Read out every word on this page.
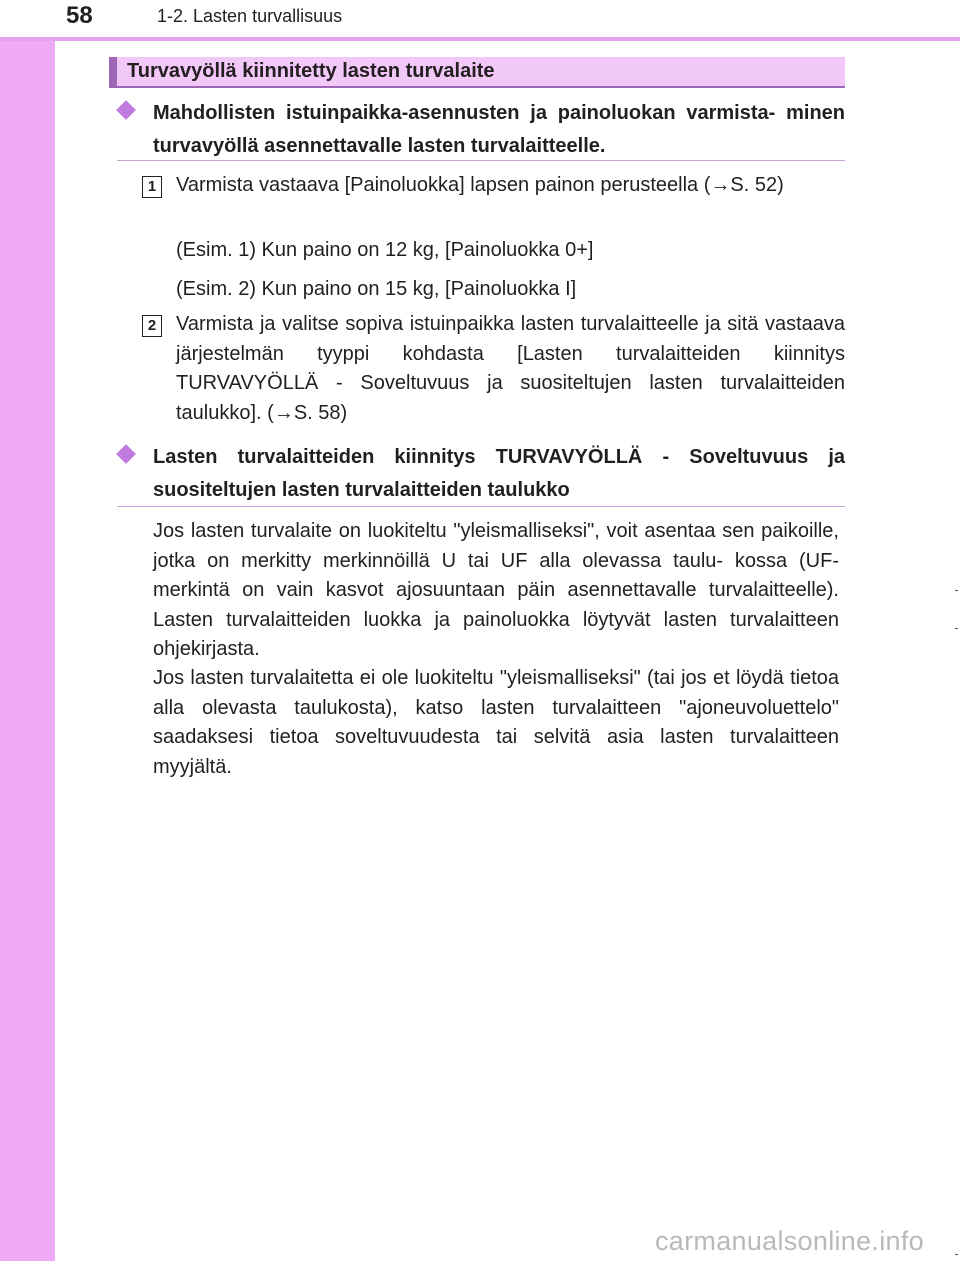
58	1-2. Lasten turvallisuus
Turvavyöllä kiinnitetty lasten turvalaite
Mahdollisten istuinpaikka-asennusten ja painoluokan varmista- minen turvavyöllä asennettavalle lasten turvalaitteelle.
1 Varmista vastaava [Painoluokka] lapsen painon perusteella (→S. 52)
(Esim. 1) Kun paino on 12 kg, [Painoluokka 0+]
(Esim. 2) Kun paino on 15 kg, [Painoluokka I]
2 Varmista ja valitse sopiva istuinpaikka lasten turvalaitteelle ja sitä vastaava järjestelmän tyyppi kohdasta [Lasten turvalaitteiden kiinnitys TURVAVYÖLLÄ - Soveltuvuus ja suositeltujen lasten turvalaitteiden taulukko]. (→S. 58)
Lasten turvalaitteiden kiinnitys TURVAVYÖLLÄ - Soveltuvuus ja suositeltujen lasten turvalaitteiden taulukko
Jos lasten turvalaite on luokiteltu "yleismalliseksi", voit asentaa sen paikoille, jotka on merkitty merkinnöillä U tai UF alla olevassa taulu- kossa (UF-merkintä on vain kasvot ajosuuntaan päin asennettavalle turvalaitteelle). Lasten turvalaitteiden luokka ja painoluokka löytyvät lasten turvalaitteen ohjekirjasta.
Jos lasten turvalaitetta ei ole luokiteltu "yleismalliseksi" (tai jos et löydä tietoa alla olevasta taulukosta), katso lasten turvalaitteen "ajoneuvoluettelo" saadaksesi tietoa soveltuvuudesta tai selvitä asia lasten turvalaitteen myyjältä.
carmanualsonline.info
